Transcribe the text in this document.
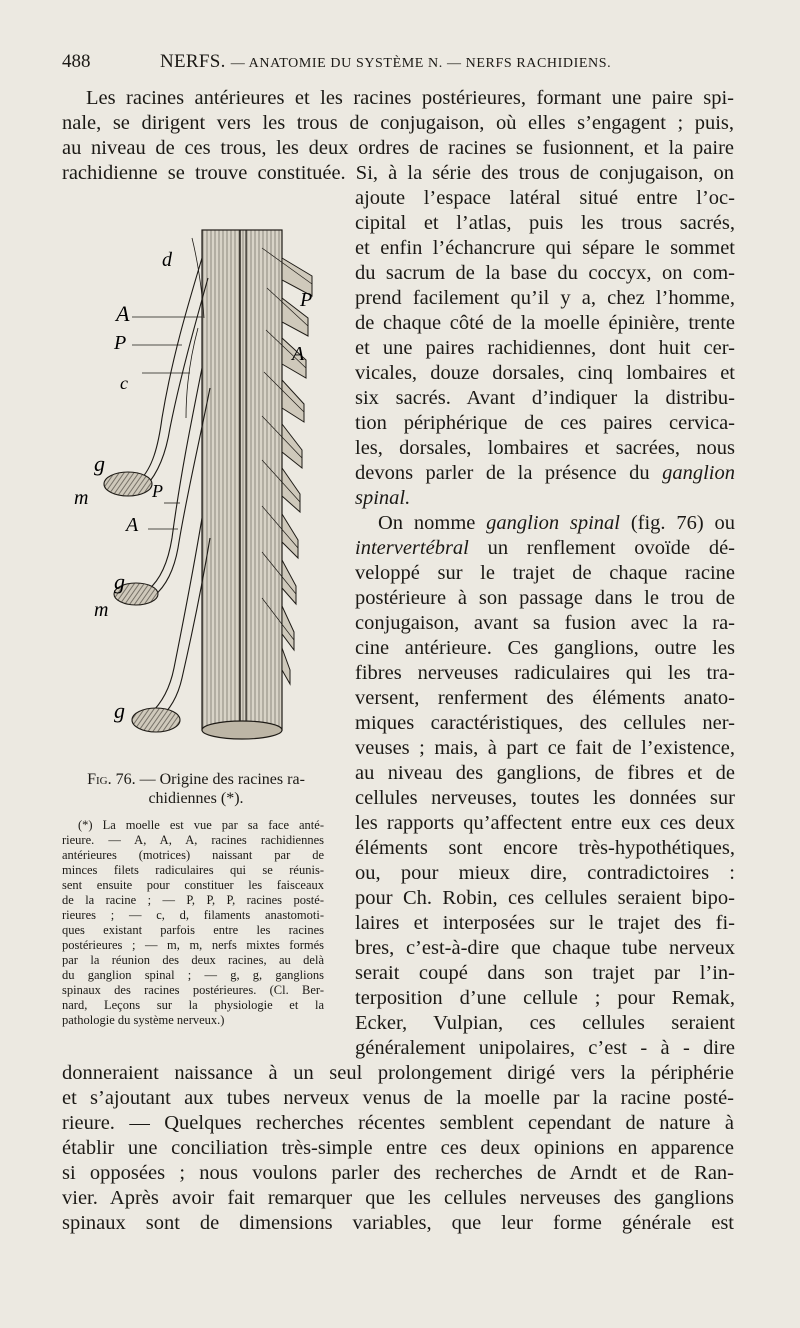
488	NERFS. — ANATOMIE DU SYSTÈME N. — NERFS RACHIDIENS.
Les racines antérieures et les racines postérieures, formant une paire spi-
nale, se dirigent vers les trous de conjugaison, où elles s’engagent ; puis,
au niveau de ces trous, les deux ordres de racines se fusionnent, et la paire
rachidienne se trouve constituée. Si, à la série des trous de conjugaison, on
ajoute l’espace latéral situé entre l’oc-
cipital et l’atlas, puis les trous sacrés,
et enfin l’échancrure qui sépare le sommet
du sacrum de la base du coccyx, on com-
prend facilement qu’il y a, chez l’homme,
de chaque côté de la moelle épinière, trente
et une paires rachidiennes, dont huit cer-
vicales, douze dorsales, cinq lombaires et
six sacrés. Avant d’indiquer la distribu-
tion périphérique de ces paires cervica-
les, dorsales, lombaires et sacrées, nous
devons parler de la présence du ganglion
spinal.
On nomme ganglion spinal (fig. 76) ou
intervertébral un renflement ovoïde dé-
veloppé sur le trajet de chaque racine
postérieure à son passage dans le trou de
conjugaison, avant sa fusion avec la ra-
cine antérieure. Ces ganglions, outre les
fibres nerveuses radiculaires qui les tra-
versent, renferment des éléments anato-
miques caractéristiques, des cellules ner-
veuses ; mais, à part ce fait de l’existence,
au niveau des ganglions, de fibres et de
cellules nerveuses, toutes les données sur
les rapports qu’affectent entre eux ces deux
éléments sont encore très-hypothétiques,
ou, pour mieux dire, contradictoires :
pour Ch. Robin, ces cellules seraient bipo-
laires et interposées sur le trajet des fi-
bres, c’est-à-dire que chaque tube nerveux
serait coupé dans son trajet par l’in-
terposition d’une cellule ; pour Remak,
Ecker, Vulpian, ces cellules seraient
généralement unipolaires, c’est - à - dire
donneraient naissance à un seul prolongement dirigé vers la périphérie
et s’ajoutant aux tubes nerveux venus de la moelle par la racine posté-
rieure. — Quelques recherches récentes semblent cependant de nature à
établir une conciliation très-simple entre ces deux opinions en apparence
si opposées ; nous voulons parler des recherches de Arndt et de Ran-
vier. Après avoir fait remarquer que les cellules nerveuses des ganglions
spinaux sont de dimensions variables, que leur forme générale est
d
A
P
c
g
m	P
A
g
m
g
P
A
Fig. 76. — Origine des racines ra- chidiennes (*).
(*) La moelle est vue par sa face anté-
rieure. — A, A, A, racines rachidiennes
antérieures (motrices) naissant par de
minces filets radiculaires qui se réunis-
sent ensuite pour constituer les faisceaux
de la racine ; — P, P, P, racines posté-
rieures ; — c, d, filaments anastomoti-
ques existant parfois entre les racines
postérieures ; — m, m, nerfs mixtes formés
par la réunion des deux racines, au delà
du ganglion spinal ; — g, g, ganglions
spinaux des racines postérieures. (Cl. Ber-
nard, Leçons sur la physiologie et la
pathologie du système nerveux.)
